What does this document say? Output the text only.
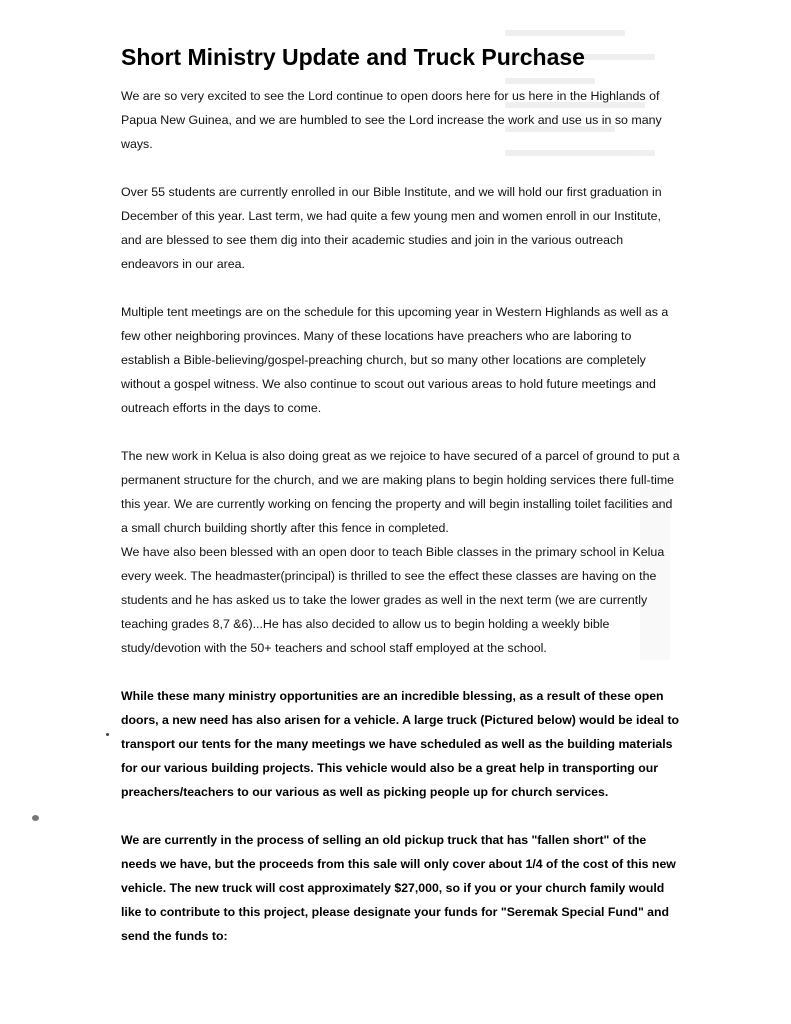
Short Ministry Update and Truck Purchase

We are so very excited to see the Lord continue to open doors here for us here in the Highlands of Papua New Guinea, and we are humbled to see the Lord increase the work and use us in so many ways.

Over 55 students are currently enrolled in our Bible Institute, and we will hold our first graduation in December of this year. Last term, we had quite a few young men and women enroll in our Institute, and are blessed to see them dig into their academic studies and join in the various outreach endeavors in our area.

Multiple tent meetings are on the schedule for this upcoming year in Western Highlands as well as a few other neighboring provinces. Many of these locations have preachers who are laboring to establish a Bible-believing/gospel-preaching church, but so many other locations are completely without a gospel witness. We also continue to scout out various areas to hold future meetings and outreach efforts in the days to come.

The new work in Kelua is also doing great as we rejoice to have secured of a parcel of ground to put a permanent structure for the church, and we are making plans to begin holding services there full-time this year. We are currently working on fencing the property and will begin installing toilet facilities and a small church building shortly after this fence in completed.

We have also been blessed with an open door to teach Bible classes in the primary school in Kelua every week. The headmaster(principal) is thrilled to see the effect these classes are having on the students and he has asked us to take the lower grades as well in the next term (we are currently teaching grades 8,7 &6)...He has also decided to allow us to begin holding a weekly bible study/devotion with the 50+ teachers and school staff employed at the school.

While these many ministry opportunities are an incredible blessing, as a result of these open doors, a new need has also arisen for a vehicle. A large truck (Pictured below) would be ideal to transport our tents for the many meetings we have scheduled as well as the building materials for our various building projects. This vehicle would also be a great help in transporting our preachers/teachers to our various as well as picking people up for church services.

We are currently in the process of selling an old pickup truck that has "fallen short" of the needs we have, but the proceeds from this sale will only cover about 1/4 of the cost of this new vehicle. The new truck will cost approximately $27,000, so if you or your church family would like to contribute to this project, please designate your funds for "Seremak Special Fund" and send the funds to:
